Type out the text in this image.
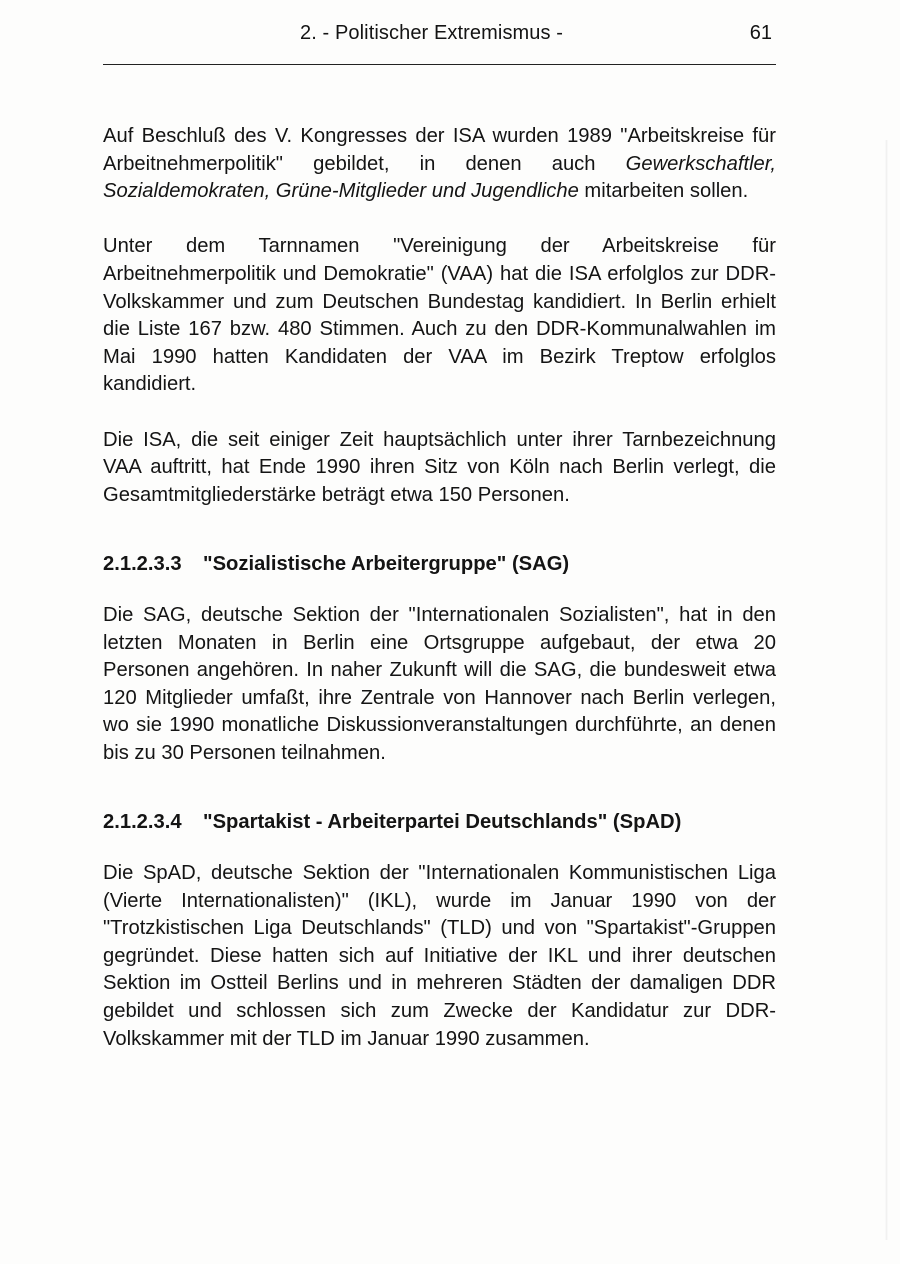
2. - Politischer Extremismus -	61

Auf Beschluß des V. Kongresses der ISA wurden 1989 "Arbeitskreise für Arbeitnehmerpolitik" gebildet, in denen auch Gewerkschaftler, Sozialdemokraten, Grüne-Mitglieder und Jugendliche mitarbeiten sollen.

Unter dem Tarnnamen "Vereinigung der Arbeitskreise für Arbeitnehmerpolitik und Demokratie" (VAA) hat die ISA erfolglos zur DDR-Volkskammer und zum Deutschen Bundestag kandidiert. In Berlin erhielt die Liste 167 bzw. 480 Stimmen. Auch zu den DDR-Kommunalwahlen im Mai 1990 hatten Kandidaten der VAA im Bezirk Treptow erfolglos kandidiert.

Die ISA, die seit einiger Zeit hauptsächlich unter ihrer Tarnbezeichnung VAA auftritt, hat Ende 1990 ihren Sitz von Köln nach Berlin verlegt, die Gesamtmitgliederstärke beträgt etwa 150 Personen.

2.1.2.3.3 "Sozialistische Arbeitergruppe" (SAG)

Die SAG, deutsche Sektion der "Internationalen Sozialisten", hat in den letzten Monaten in Berlin eine Ortsgruppe aufgebaut, der etwa 20 Personen angehören. In naher Zukunft will die SAG, die bundesweit etwa 120 Mitglieder umfaßt, ihre Zentrale von Hannover nach Berlin verlegen, wo sie 1990 monatliche Diskussionveranstaltungen durchführte, an denen bis zu 30 Personen teilnahmen.

2.1.2.3.4 "Spartakist - Arbeiterpartei Deutschlands" (SpAD)

Die SpAD, deutsche Sektion der "Internationalen Kommunistischen Liga (Vierte Internationalisten)" (IKL), wurde im Januar 1990 von der "Trotzkistischen Liga Deutschlands" (TLD) und von "Spartakist"-Gruppen gegründet. Diese hatten sich auf Initiative der IKL und ihrer deutschen Sektion im Ostteil Berlins und in mehreren Städten der damaligen DDR gebildet und schlossen sich zum Zwecke der Kandidatur zur DDR-Volkskammer mit der TLD im Januar 1990 zusammen.
